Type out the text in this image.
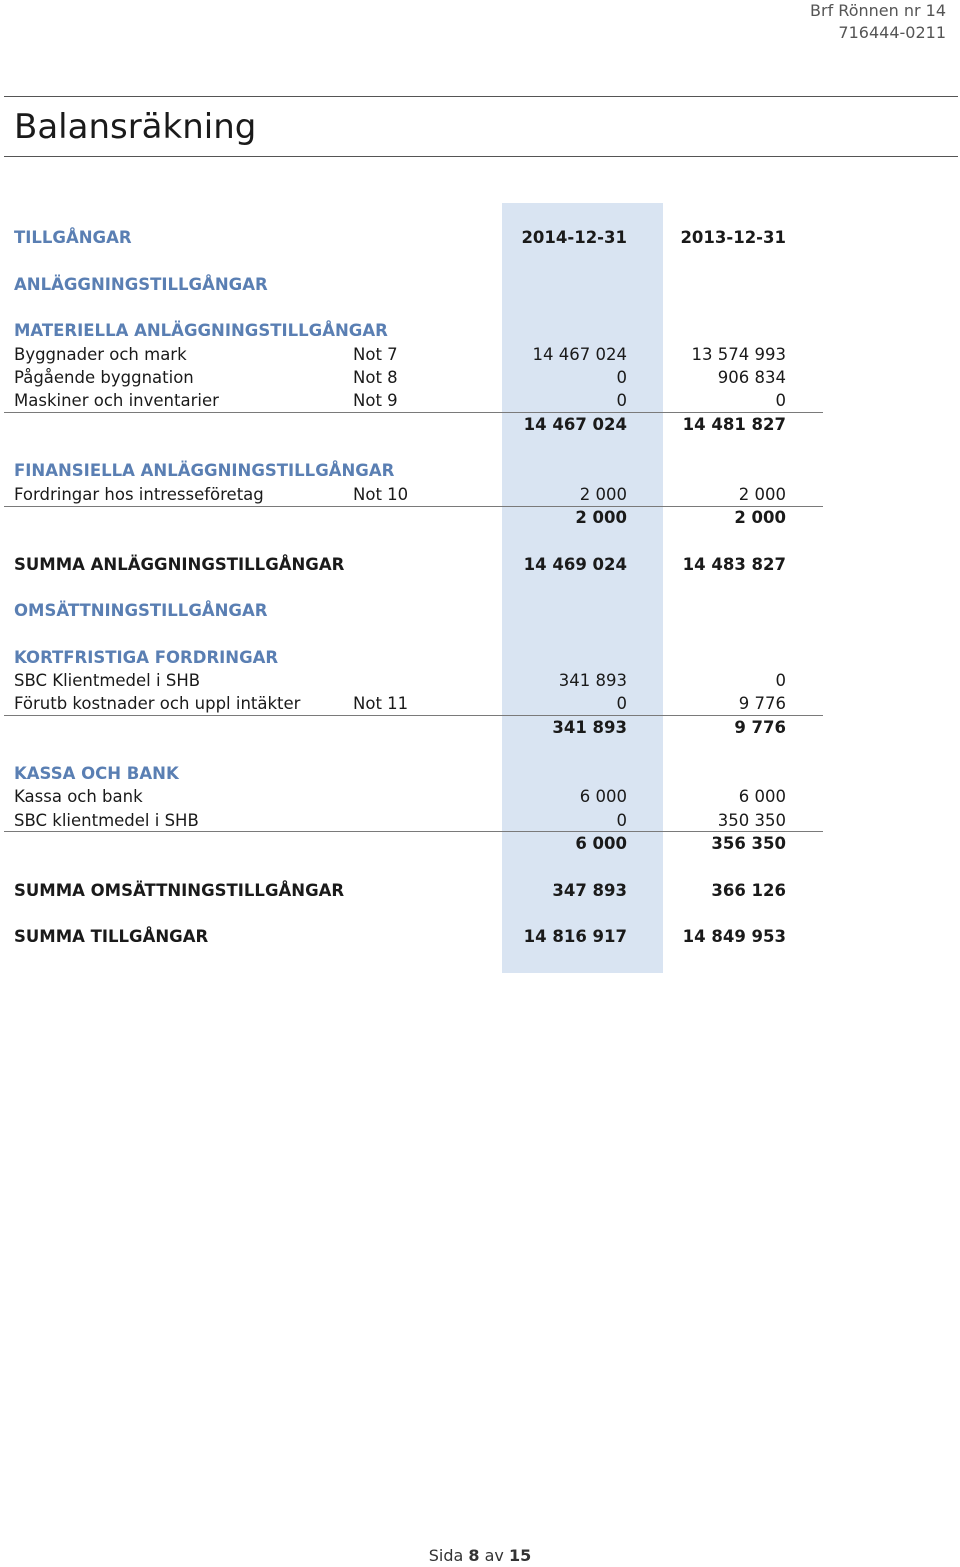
Brf Rönnen nr 14
716444-0211
Balansräkning
TILLGÅNGAR	2014-12-31	2013-12-31
ANLÄGGNINGSTILLGÅNGAR
MATERIELLA ANLÄGGNINGSTILLGÅNGAR
Byggnader och mark	Not 7	14 467 024	13 574 993
Pågående byggnation	Not 8	0	906 834
Maskiner och inventarier	Not 9	0	0
14 467 024	14 481 827
FINANSIELLA ANLÄGGNINGSTILLGÅNGAR
Fordringar hos intresseföretag	Not 10	2 000	2 000
2 000	2 000
SUMMA ANLÄGGNINGSTILLGÅNGAR	14 469 024	14 483 827
OMSÄTTNINGSTILLGÅNGAR
KORTFRISTIGA FORDRINGAR
SBC Klientmedel i SHB	341 893	0
Förutb kostnader och uppl intäkter	Not 11	0	9 776
341 893	9 776
KASSA OCH BANK
Kassa och bank	6 000	6 000
SBC klientmedel i SHB	0	350 350
6 000	356 350
SUMMA OMSÄTTNINGSTILLGÅNGAR	347 893	366 126
SUMMA TILLGÅNGAR	14 816 917	14 849 953
Sida 8 av 15
